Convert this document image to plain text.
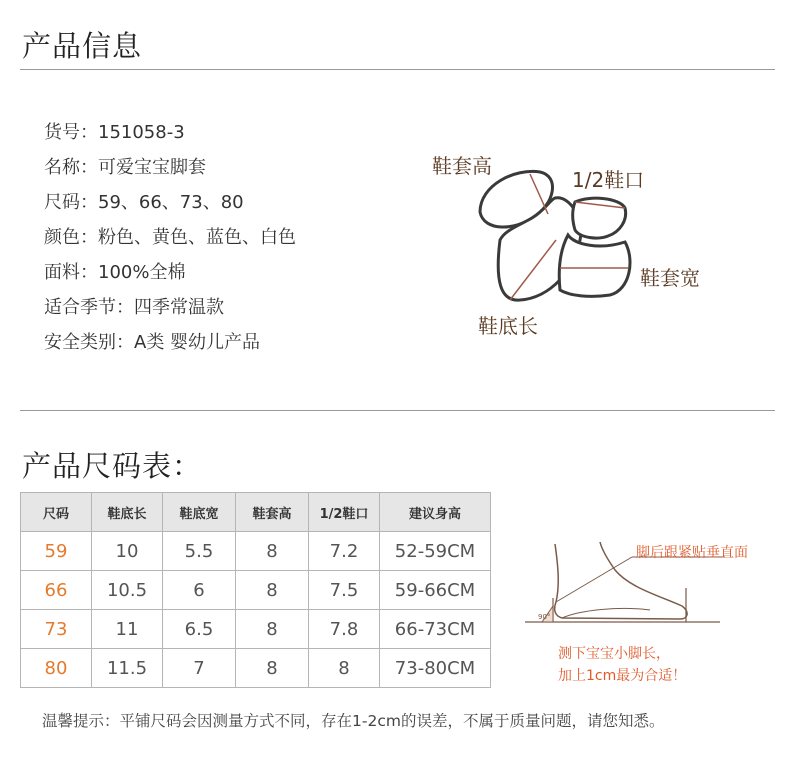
产品信息
货号：151058-3
名称：可爱宝宝脚套
尺码：59、66、73、80
颜色：粉色、黄色、蓝色、白色
面料：100%全棉
适合季节：四季常温款
安全类别：A类 婴幼儿产品
鞋套高
1/2鞋口
鞋套宽
鞋底长
产品尺码表：
尺码	鞋底长	鞋底宽	鞋套高	1/2鞋口	建议身高
59	10	5.5	8	7.2	52-59CM
66	10.5	6	8	7.5	59-66CM
73	11	6.5	8	7.8	66-73CM
80	11.5	7	8	8	73-80CM
90°
脚后跟紧贴垂直面
测下宝宝小脚长，
加上1cm最为合适！
温馨提示：平铺尺码会因测量方式不同，存在1-2cm的误差，不属于质量问题，请您知悉。
